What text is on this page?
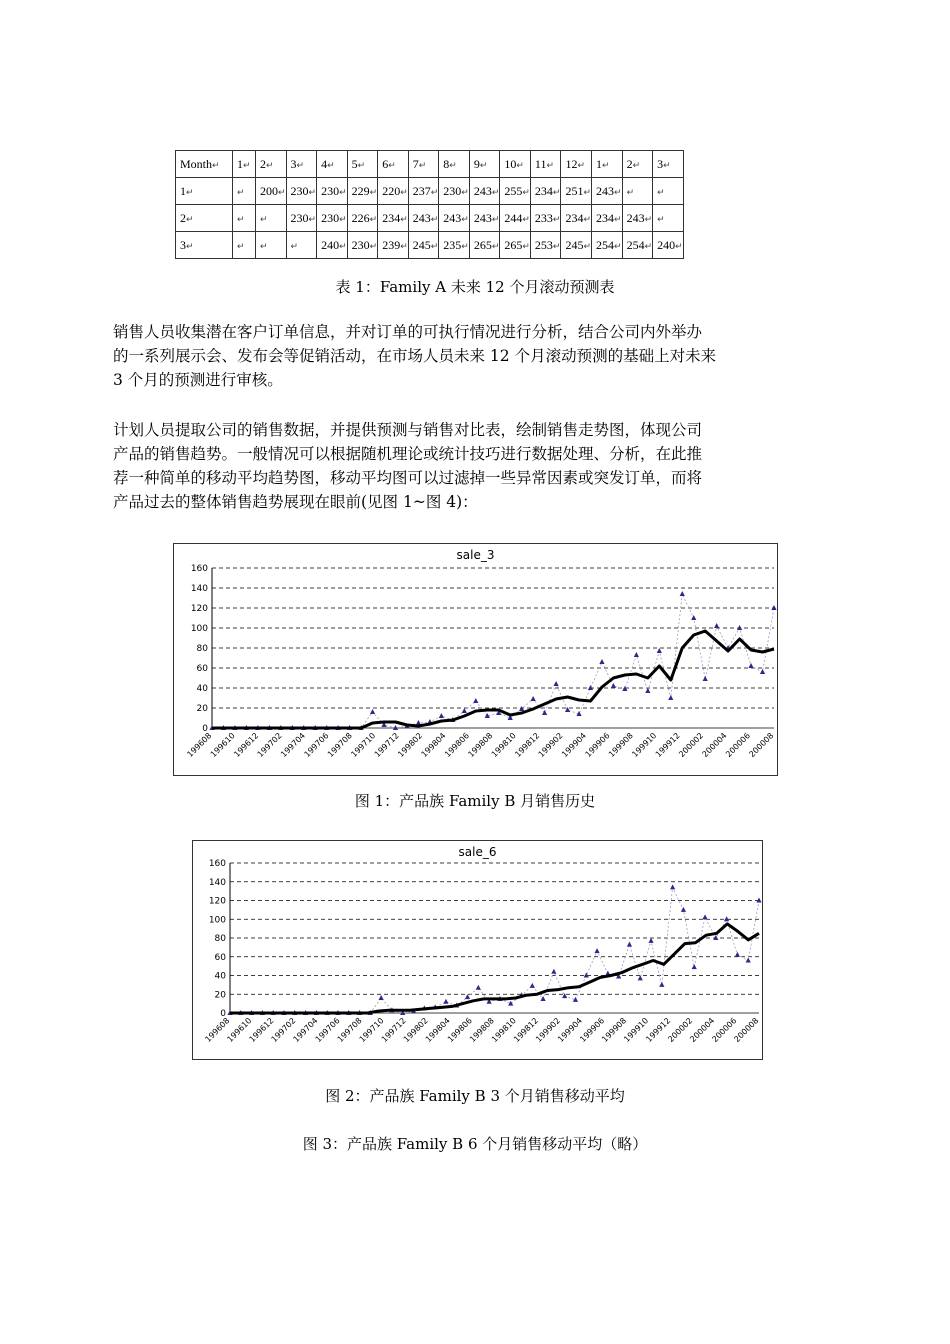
Month↵	1↵	2↵	3↵	4↵	5↵	6↵	7↵	8↵	9↵	10↵	11↵	12↵	1↵	2↵	3↵
1↵	↵	200↵	230↵	230↵	229↵	220↵	237↵	230↵	243↵	255↵	234↵	251↵	243↵	↵	↵
2↵	↵	↵	230↵	230↵	226↵	234↵	243↵	243↵	243↵	244↵	233↵	234↵	234↵	243↵	↵
3↵	↵	↵	↵	240↵	230↵	239↵	245↵	235↵	265↵	265↵	253↵	245↵	254↵	254↵	240↵
表 1：Family A 未来 12 个月滚动预测表
销售人员收集潜在客户订单信息，并对订单的可执行情况进行分析，结合公司内外举办
的一系列展示会、发布会等促销活动，在市场人员未来 12 个月滚动预测的基础上对未来
3 个月的预测进行审核。
计划人员提取公司的销售数据，并提供预测与销售对比表，绘制销售走势图，体现公司
产品的销售趋势。一般情况可以根据随机理论或统计技巧进行数据处理、分析，在此推
荐一种简单的移动平均趋势图，移动平均图可以过滤掉一些异常因素或突发订单，而将
产品过去的整体销售趋势展现在眼前(见图 1~图 4)：
sale_3
0
20
40
60
80
100
120
140
160
199608
199610
199612
199702
199704
199706
199708
199710
199712
199802
199804
199806
199808
199810
199812
199902
199904
199906
199908
199910
199912
200002
200004
200006
200008
图 1：产品族 Family B 月销售历史
sale_6
0
20
40
60
80
100
120
140
160
199608
199610
199612
199702
199704
199706
199708
199710
199712
199802
199804
199806
199808
199810
199812
199902
199904
199906
199908
199910
199912
200002
200004
200006
200008
图 2：产品族 Family B 3 个月销售移动平均
图 3：产品族 Family B 6 个月销售移动平均（略）
